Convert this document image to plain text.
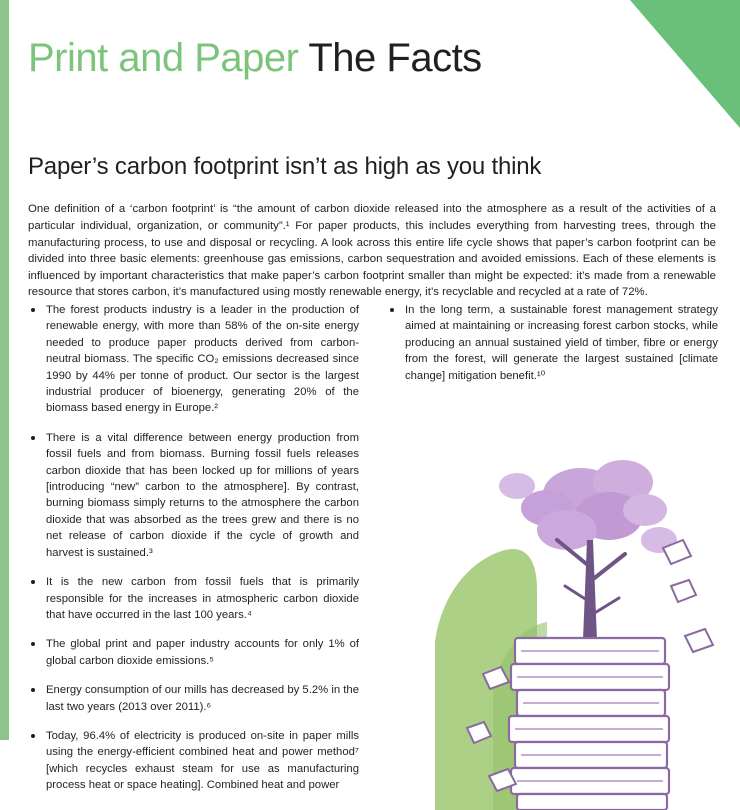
Print and Paper The Facts
Paper’s carbon footprint isn’t as high as you think

One definition of a ‘carbon footprint’ is “the amount of carbon dioxide released into the atmosphere as a result of the activities of a particular individual, organization, or community”.¹ For paper products, this includes everything from harvesting trees, through the manufacturing process, to use and disposal or recycling. A look across this entire life cycle shows that paper’s carbon footprint can be divided into three basic elements: greenhouse gas emissions, carbon sequestration and avoided emissions. Each of these elements is influenced by important characteristics that make paper’s carbon footprint smaller than might be expected: it’s made from a renewable resource that stores carbon, it’s manufactured using mostly renewable energy, it’s recyclable and recycled at a rate of 72%.

The forest products industry is a leader in the production of renewable energy, with more than 58% of the on-site energy needed to produce paper products derived from carbon-neutral biomass. The specific CO₂ emissions decreased since 1990 by 44% per tonne of product. Our sector is the largest industrial producer of bioenergy, generating 20% of the biomass based energy in Europe.²
There is a vital difference between energy production from fossil fuels and from biomass. Burning fossil fuels releases carbon dioxide that has been locked up for millions of years [introducing “new” carbon to the atmosphere]. By contrast, burning biomass simply returns to the atmosphere the carbon dioxide that was absorbed as the trees grew and there is no net release of carbon dioxide if the cycle of growth and harvest is sustained.³
It is the new carbon from fossil fuels that is primarily responsible for the increases in atmospheric carbon dioxide that have occurred in the last 100 years.⁴
The global print and paper industry accounts for only 1% of global carbon dioxide emissions.⁵
Energy consumption of our mills has decreased by 5.2% in the last two years (2013 over 2011).⁶
Today, 96.4% of electricity is produced on-site in paper mills using the energy-efficient combined heat and power method⁷ [which recycles exhaust steam for use as manufacturing process heat or space heating]. Combined heat and power
In the long term, a sustainable forest management strategy aimed at maintaining or increasing forest carbon stocks, while producing an annual sustained yield of timber, fibre or energy from the forest, will generate the largest sustained [climate change] mitigation benefit.¹⁰
